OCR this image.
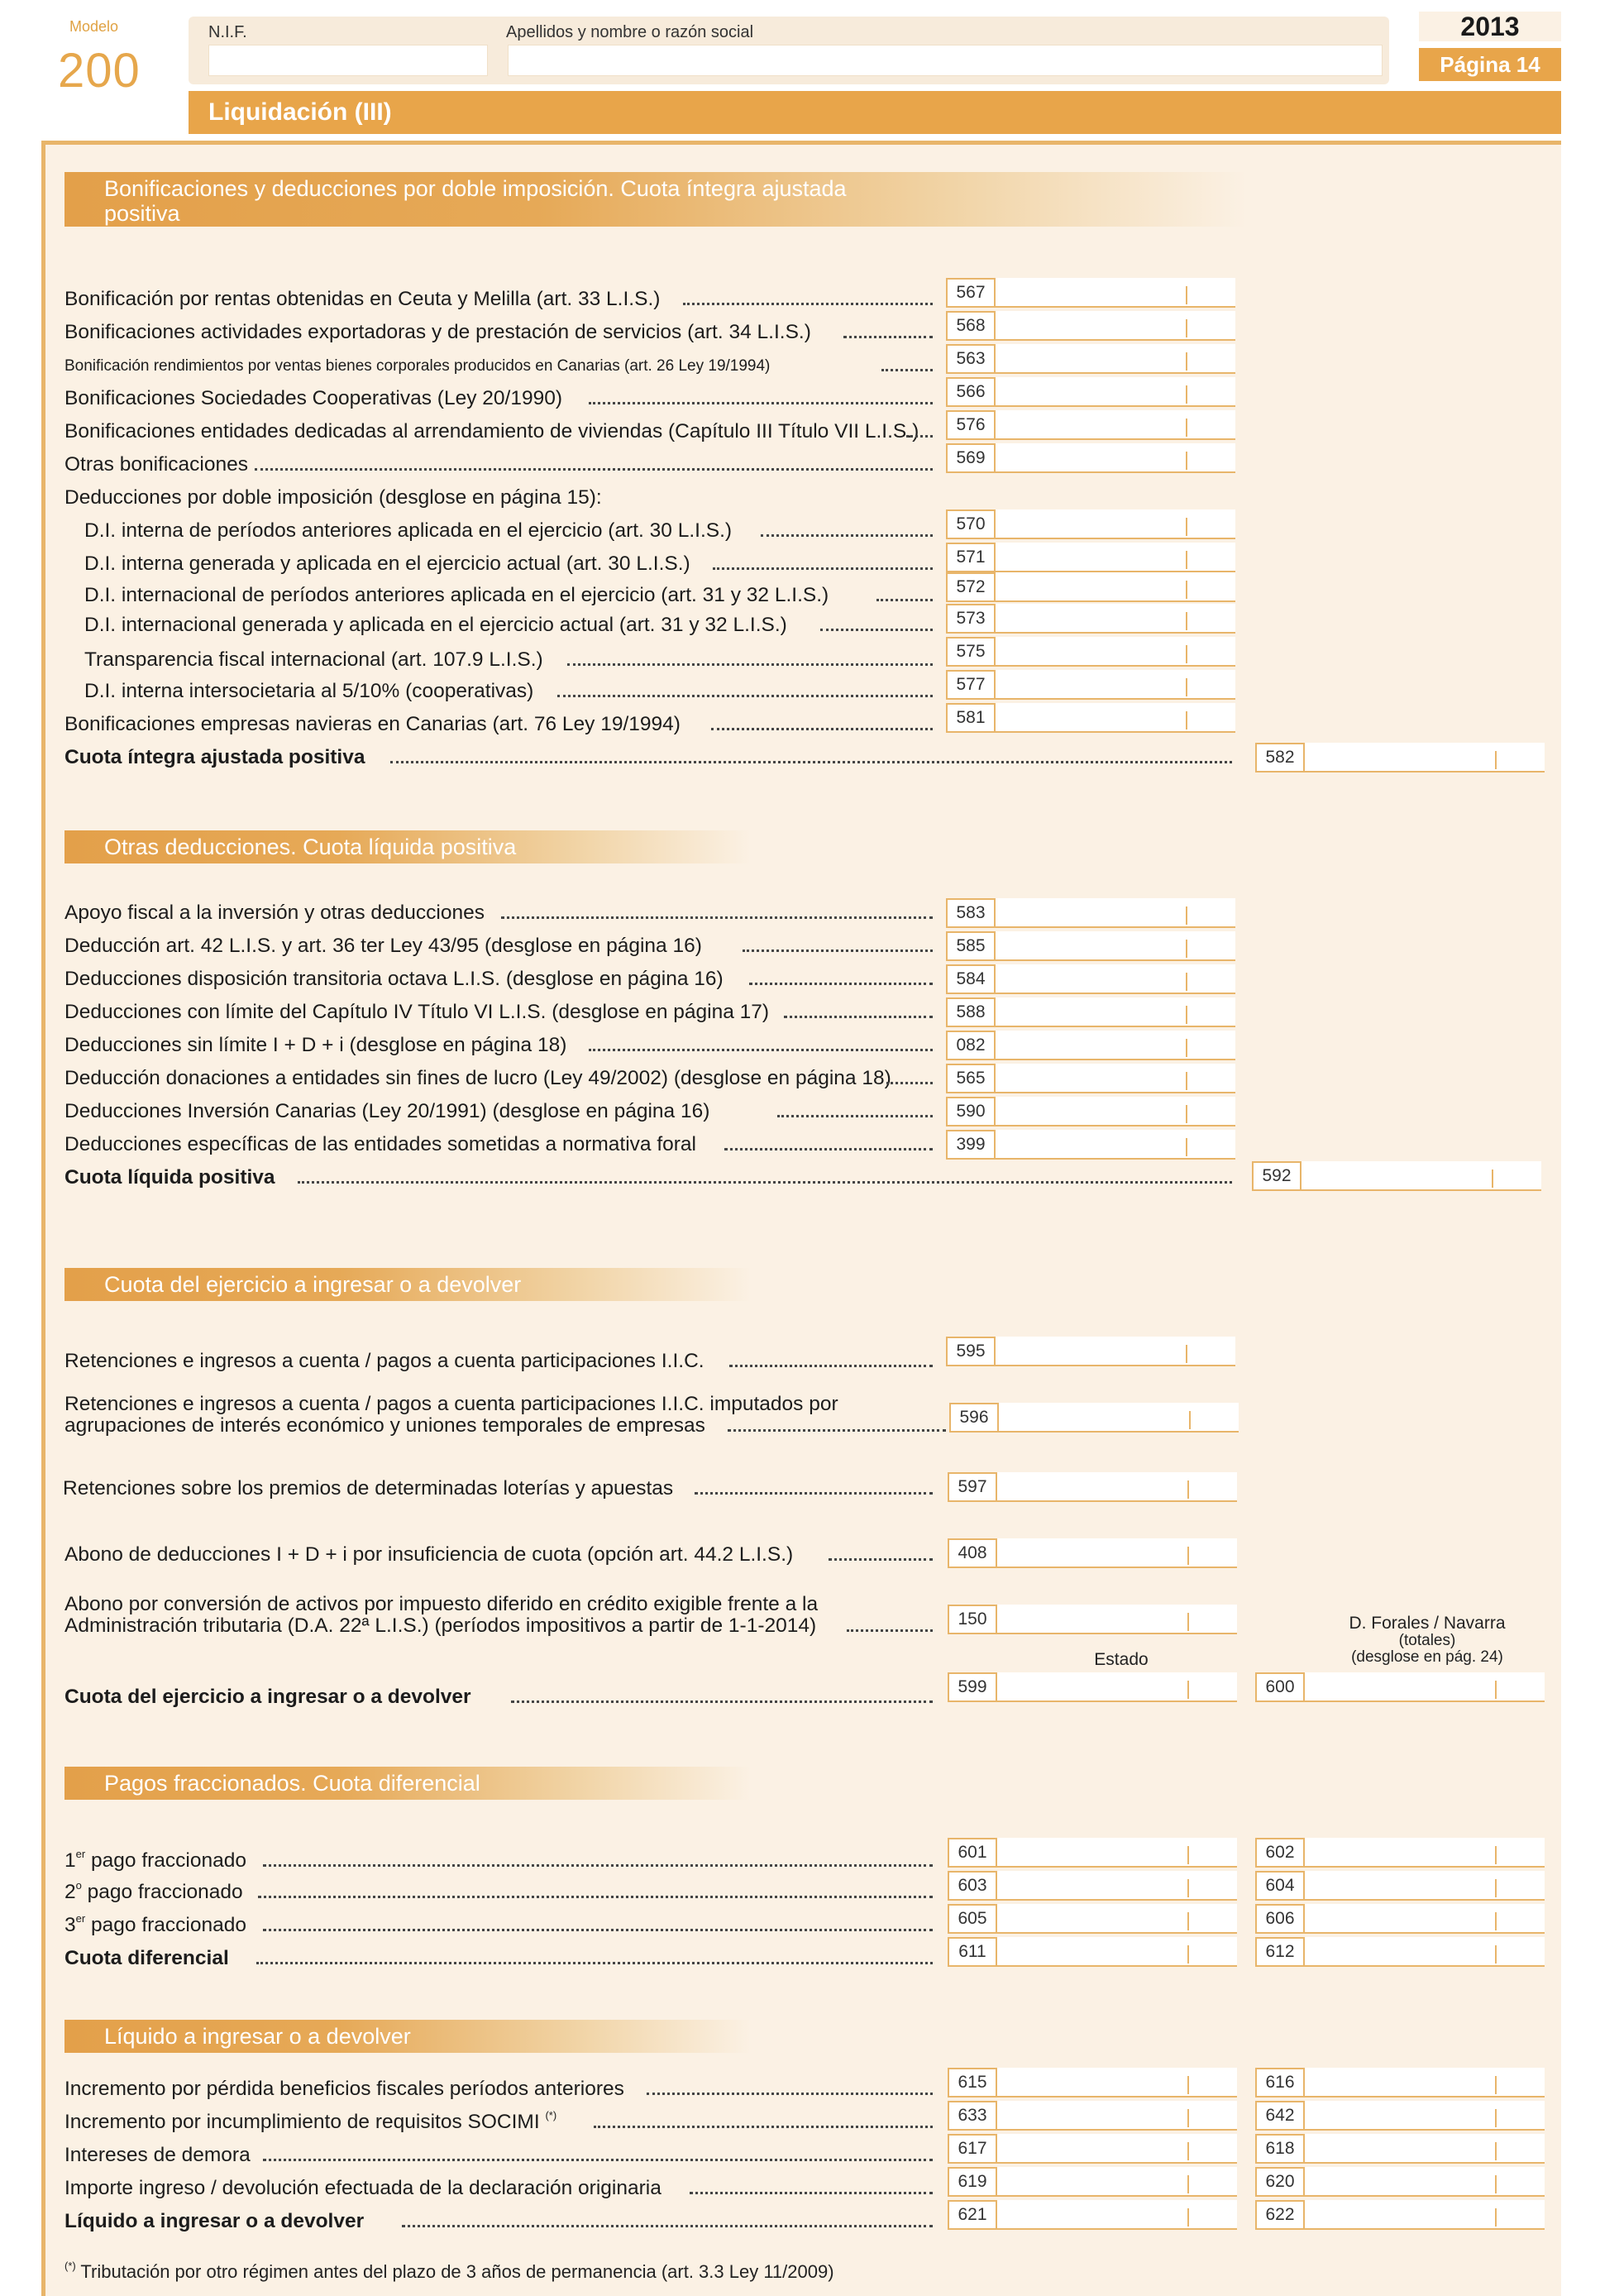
Modelo
200
N.I.F.	Apellidos y nombre o razón social	2013
Página 14
Liquidación (III)
Bonificaciones y deducciones por doble imposición. Cuota íntegra ajustada positiva
Otras deducciones. Cuota líquida positiva
Cuota del ejercicio a ingresar o a devolver
Pagos fraccionados. Cuota diferencial
Líquido a ingresar o a devolver
Bonificación por rentas obtenidas en Ceuta y Melilla (art. 33 L.I.S.)	567
Bonificaciones actividades exportadoras y de prestación de servicios (art. 34 L.I.S.)	568
Bonificación rendimientos por ventas bienes corporales producidos en Canarias (art. 26 Ley 19/1994)	563
Bonificaciones Sociedades Cooperativas (Ley 20/1990)	566
Bonificaciones entidades dedicadas al arrendamiento de viviendas (Capítulo III Título VII L.I.S.)	576
Otras bonificaciones	569
Deducciones por doble imposición (desglose en página 15):
D.I. interna de períodos anteriores aplicada en el ejercicio (art. 30 L.I.S.)	570
D.I. interna generada y aplicada en el ejercicio actual (art. 30 L.I.S.)	571
D.I. internacional de períodos anteriores aplicada en el ejercicio (art. 31 y 32 L.I.S.)	572
D.I. internacional generada y aplicada en el ejercicio actual (art. 31 y 32 L.I.S.)	573
Transparencia fiscal internacional (art. 107.9 L.I.S.)	575
D.I. interna intersocietaria al 5/10% (cooperativas)	577
Bonificaciones empresas navieras en Canarias (art. 76 Ley 19/1994)	581
Cuota íntegra ajustada positiva	582
Apoyo fiscal a la inversión y otras deducciones	583
Deducción art. 42 L.I.S. y art. 36 ter Ley 43/95 (desglose en página 16)	585
Deducciones disposición transitoria octava L.I.S. (desglose en página 16)	584
Deducciones con límite del Capítulo IV Título VI L.I.S. (desglose en página 17)	588
Deducciones sin límite I + D + i (desglose en página 18)	082
Deducción donaciones a entidades sin fines de lucro (Ley 49/2002) (desglose en página 18)	565
Deducciones Inversión Canarias (Ley 20/1991) (desglose en página 16)	590
Deducciones específicas de las entidades sometidas a normativa foral	399
Cuota líquida positiva	592
Retenciones e ingresos a cuenta / pagos a cuenta participaciones I.I.C.	595
Retenciones e ingresos a cuenta / pagos a cuenta participaciones I.I.C. imputados por
agrupaciones de interés económico y uniones temporales de empresas	596
Retenciones sobre los premios de determinadas loterías y apuestas	597
Abono de deducciones I + D + i por insuficiencia de cuota (opción art. 44.2 L.I.S.)	408
Abono por conversión de activos por impuesto diferido en crédito exigible frente a la
Administración tributaria (D.A. 22ª L.I.S.) (períodos impositivos a partir de 1-1-2014)	150
Estado
D. Forales / Navarra
(totales)
(desglose en pág. 24)
Cuota del ejercicio a ingresar o a devolver	599	600
1er pago fraccionado	601	602
2$^o$ pago fraccionado	603	604
3er pago fraccionado	605	606
Cuota diferencial	611	612
Incremento por pérdida beneficios fiscales períodos anteriores	615	616
Incremento por incumplimiento de requisitos SOCIMI (*)	633	642
Intereses de demora	617	618
Importe ingreso / devolución efectuada de la declaración originaria	619	620
Líquido a ingresar o a devolver	621	622
(*) Tributación por otro régimen antes del plazo de 3 años de permanencia (art. 3.3 Ley 11/2009)
